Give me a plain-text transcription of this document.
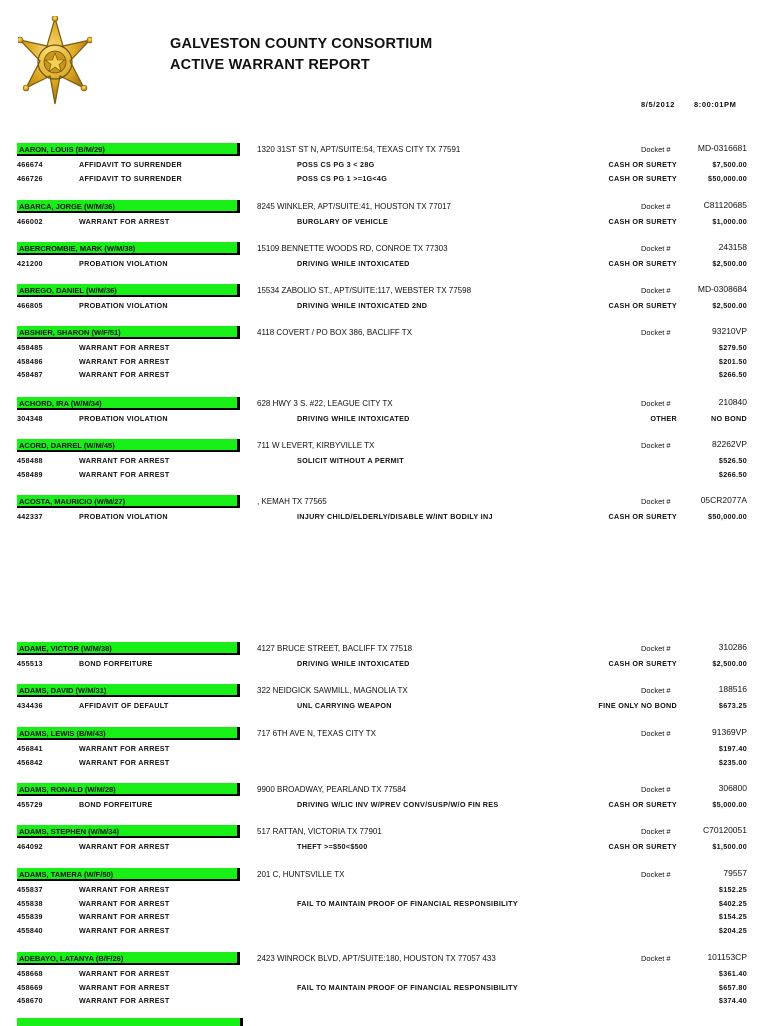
GALVESTON COUNTY CONSORTIUM
ACTIVE WARRANT REPORT
8/5/2012	8:00:01PM
AARON, LOUIS (B/M/29)	1320 31ST ST N, APT/SUITE:54, TEXAS CITY TX 77591	Docket #	MD-0316681
466674	AFFIDAVIT TO SURRENDER	POSS CS PG 3 < 28G	CASH OR SURETY	$7,500.00
466726	AFFIDAVIT TO SURRENDER	POSS CS PG 1 >=1G<4G	CASH OR SURETY	$50,000.00
ABARCA, JORGE (W/M/36)	8245 WINKLER, APT/SUITE:41, HOUSTON TX 77017	Docket #	C81120685
466002	WARRANT FOR ARREST	BURGLARY OF VEHICLE	CASH OR SURETY	$1,000.00
ABERCROMBIE, MARK (W/M/38)	15109 BENNETTE WOODS RD, CONROE TX 77303	Docket #	243158
421200	PROBATION VIOLATION	DRIVING WHILE INTOXICATED	CASH OR SURETY	$2,500.00
ABREGO, DANIEL (W/M/36)	15534 ZABOLIO ST., APT/SUITE:117, WEBSTER TX 77598	Docket #	MD-0308684
466805	PROBATION VIOLATION	DRIVING WHILE INTOXICATED 2ND	CASH OR SURETY	$2,500.00
ABSHIER, SHARON (W/F/51)	4118 COVERT / PO BOX 386, BACLIFF TX	Docket #	93210VP
458485	WARRANT FOR ARREST	$279.50
458486	WARRANT FOR ARREST	$201.50
458487	WARRANT FOR ARREST	$266.50
ACHORD, IRA (W/M/34)	628 HWY 3 S. #22, LEAGUE CITY TX	Docket #	210840
304348	PROBATION VIOLATION	DRIVING WHILE INTOXICATED	OTHER	NO BOND
ACORD, DARREL (W/M/45)	711 W LEVERT, KIRBYVILLE TX	Docket #	82262VP
458488	WARRANT FOR ARREST	SOLICIT WITHOUT A PERMIT	$526.50
458489	WARRANT FOR ARREST	$266.50
ACOSTA, MAURICIO (W/M/27)	, KEMAH TX 77565	Docket #	05CR2077A
442337	PROBATION VIOLATION	INJURY CHILD/ELDERLY/DISABLE W/INT BODILY INJ	CASH OR SURETY	$50,000.00
ADAME, VICTOR (W/M/38)	4127 BRUCE STREET, BACLIFF TX 77518	Docket #	310286
455513	BOND FORFEITURE	DRIVING WHILE INTOXICATED	CASH OR SURETY	$2,500.00
ADAMS, DAVID (W/M/31)	322 NEIDGICK SAWMILL, MAGNOLIA TX	Docket #	188516
434436	AFFIDAVIT OF DEFAULT	UNL CARRYING WEAPON	FINE ONLY NO BOND	$673.25
ADAMS, LEWIS (B/M/43)	717 6TH AVE N, TEXAS CITY TX	Docket #	91369VP
456841	WARRANT FOR ARREST	$197.40
456842	WARRANT FOR ARREST	$235.00
ADAMS, RONALD (W/M/28)	9900 BROADWAY, PEARLAND TX 77584	Docket #	306800
455729	BOND FORFEITURE	DRIVING W/LIC INV W/PREV CONV/SUSP/W/O FIN RES	CASH OR SURETY	$5,000.00
ADAMS, STEPHEN (W/M/34)	517 RATTAN, VICTORIA TX 77901	Docket #	C70120051
464092	WARRANT FOR ARREST	THEFT >=$50<$500	CASH OR SURETY	$1,500.00
ADAMS, TAMERA (W/F/50)	201 C, HUNTSVILLE TX	Docket #	79557
455837	WARRANT FOR ARREST	$152.25
455838	WARRANT FOR ARREST	FAIL TO MAINTAIN PROOF OF FINANCIAL RESPONSIBILITY	$402.25
455839	WARRANT FOR ARREST	$154.25
455840	WARRANT FOR ARREST	$204.25
ADEBAYO, LATANYA (B/F/26)	2423 WINROCK BLVD, APT/SUITE:180, HOUSTON TX 77057 433	Docket #	101153CP
458668	WARRANT FOR ARREST	$361.40
458669	WARRANT FOR ARREST	FAIL TO MAINTAIN PROOF OF FINANCIAL RESPONSIBILITY	$657.80
458670	WARRANT FOR ARREST	$374.40
